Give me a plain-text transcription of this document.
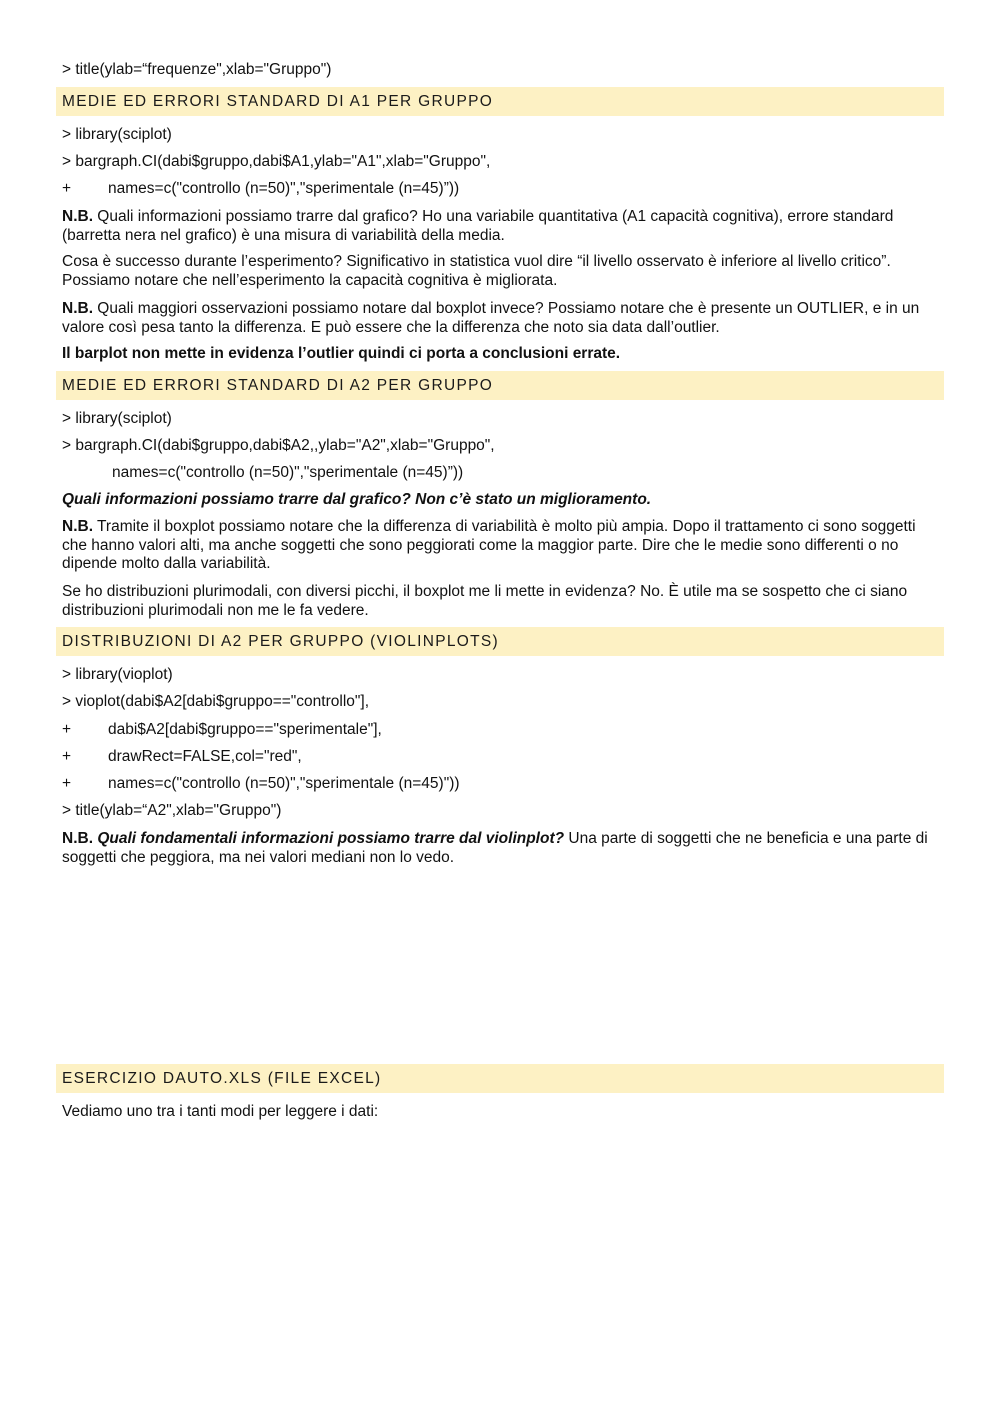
> title(ylab=“frequenze",xlab="Gruppo")
MEDIE ED ERRORI STANDARD DI A1 PER GRUPPO
> library(sciplot)
> bargraph.CI(dabi$gruppo,dabi$A1,ylab="A1",xlab="Gruppo",
+ names=c("controllo (n=50)","sperimentale (n=45)”))
N.B. Quali informazioni possiamo trarre dal grafico? Ho una variabile quantitativa (A1 capacità cognitiva), errore standard (barretta nera nel grafico) è una misura di variabilità della media.
Cosa è successo durante l’esperimento? Significativo in statistica vuol dire “il livello osservato è inferiore al livello critico”. Possiamo notare che nell’esperimento la capacità cognitiva è migliorata.
N.B. Quali maggiori osservazioni possiamo notare dal boxplot invece? Possiamo notare che è presente un OUTLIER, e in un valore così pesa tanto la differenza. E può essere che la differenza che noto sia data dall’outlier.
Il barplot non mette in evidenza l’outlier quindi ci porta a conclusioni errate.
MEDIE ED ERRORI STANDARD DI A2 PER GRUPPO
> library(sciplot)
> bargraph.CI(dabi$gruppo,dabi$A2,,ylab="A2",xlab="Gruppo",
names=c("controllo (n=50)","sperimentale (n=45)”))
Quali informazioni possiamo trarre dal grafico? Non c’è stato un miglioramento.
N.B. Tramite il boxplot possiamo notare che la differenza di variabilità è molto più ampia. Dopo il trattamento ci sono soggetti che hanno valori alti, ma anche soggetti che sono peggiorati come la maggior parte. Dire che le medie sono differenti o no dipende molto dalla variabilità.
Se ho distribuzioni plurimodali, con diversi picchi, il boxplot me li mette in evidenza? No. È utile ma se sospetto che ci siano distribuzioni plurimodali non me le fa vedere.
DISTRIBUZIONI DI A2 PER GRUPPO (VIOLINPLOTS)
> library(vioplot)
> vioplot(dabi$A2[dabi$gruppo=="controllo"],
+ dabi$A2[dabi$gruppo=="sperimentale"],
+ drawRect=FALSE,col="red",
+ names=c("controllo (n=50)","sperimentale (n=45)"))
> title(ylab=“A2",xlab="Gruppo")
N.B. Quali fondamentali informazioni possiamo trarre dal violinplot? Una parte di soggetti che ne beneficia e una parte di soggetti che peggiora, ma nei valori mediani non lo vedo.
ESERCIZIO DAUTO.XLS (FILE EXCEL)
Vediamo uno tra i tanti modi per leggere i dati:
